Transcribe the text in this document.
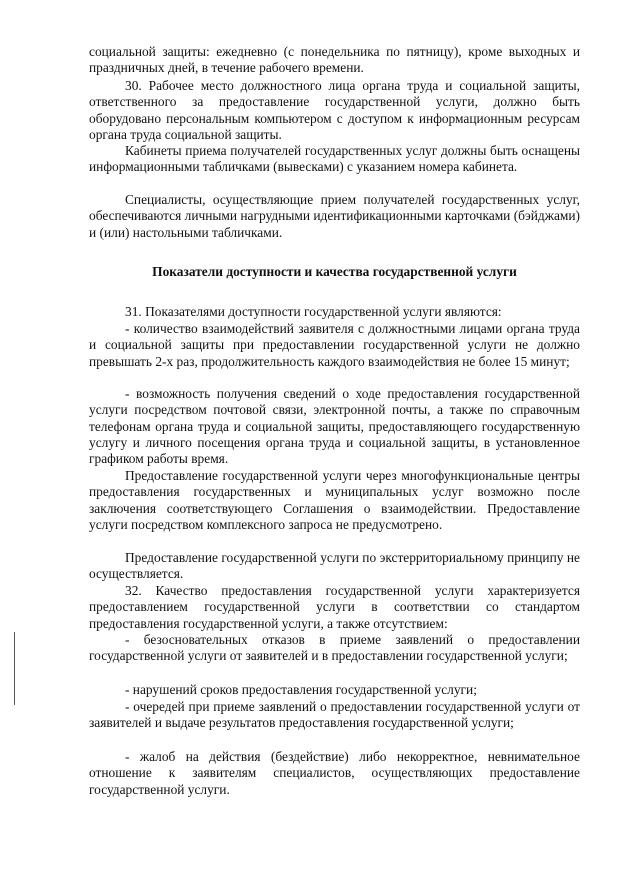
социальной защиты: ежедневно (с понедельника по пятницу), кроме выходных и праздничных дней, в течение рабочего времени.
30. Рабочее место должностного лица органа труда и социальной защиты, ответственного за предоставление государственной услуги, должно быть оборудовано персональным компьютером с доступом к информационным ресурсам органа труда социальной защиты.
Кабинеты приема получателей государственных услуг должны быть оснащены информационными табличками (вывесками) с указанием номера кабинета.
Специалисты, осуществляющие прием получателей государственных услуг, обеспечиваются личными нагрудными идентификационными карточками (бэйджами) и (или) настольными табличками.
Показатели доступности и качества государственной услуги
31. Показателями доступности государственной услуги являются:
- количество взаимодействий заявителя с должностными лицами органа труда и социальной защиты при предоставлении государственной услуги не должно превышать 2-х раз, продолжительность каждого взаимодействия не более 15 минут;
- возможность получения сведений о ходе предоставления государственной услуги посредством почтовой связи, электронной почты, а также по справочным телефонам органа труда и социальной защиты, предоставляющего государственную услугу и личного посещения органа труда и социальной защиты, в установленное графиком работы время.
Предоставление государственной услуги через многофункциональные центры предоставления государственных и муниципальных услуг возможно после заключения соответствующего Соглашения о взаимодействии. Предоставление услуги посредством комплексного запроса не предусмотрено.
Предоставление государственной услуги по экстерриториальному принципу не осуществляется.
32. Качество предоставления государственной услуги характеризуется предоставлением государственной услуги в соответствии со стандартом предоставления государственной услуги, а также отсутствием:
- безосновательных отказов в приеме заявлений о предоставлении государственной услуги от заявителей и в предоставлении государственной услуги;
- нарушений сроков предоставления государственной услуги;
- очередей при приеме заявлений о предоставлении государственной услуги от заявителей и выдаче результатов предоставления государственной услуги;
- жалоб на действия (бездействие) либо некорректное, невнимательное отношение к заявителям специалистов, осуществляющих предоставление государственной услуги.
